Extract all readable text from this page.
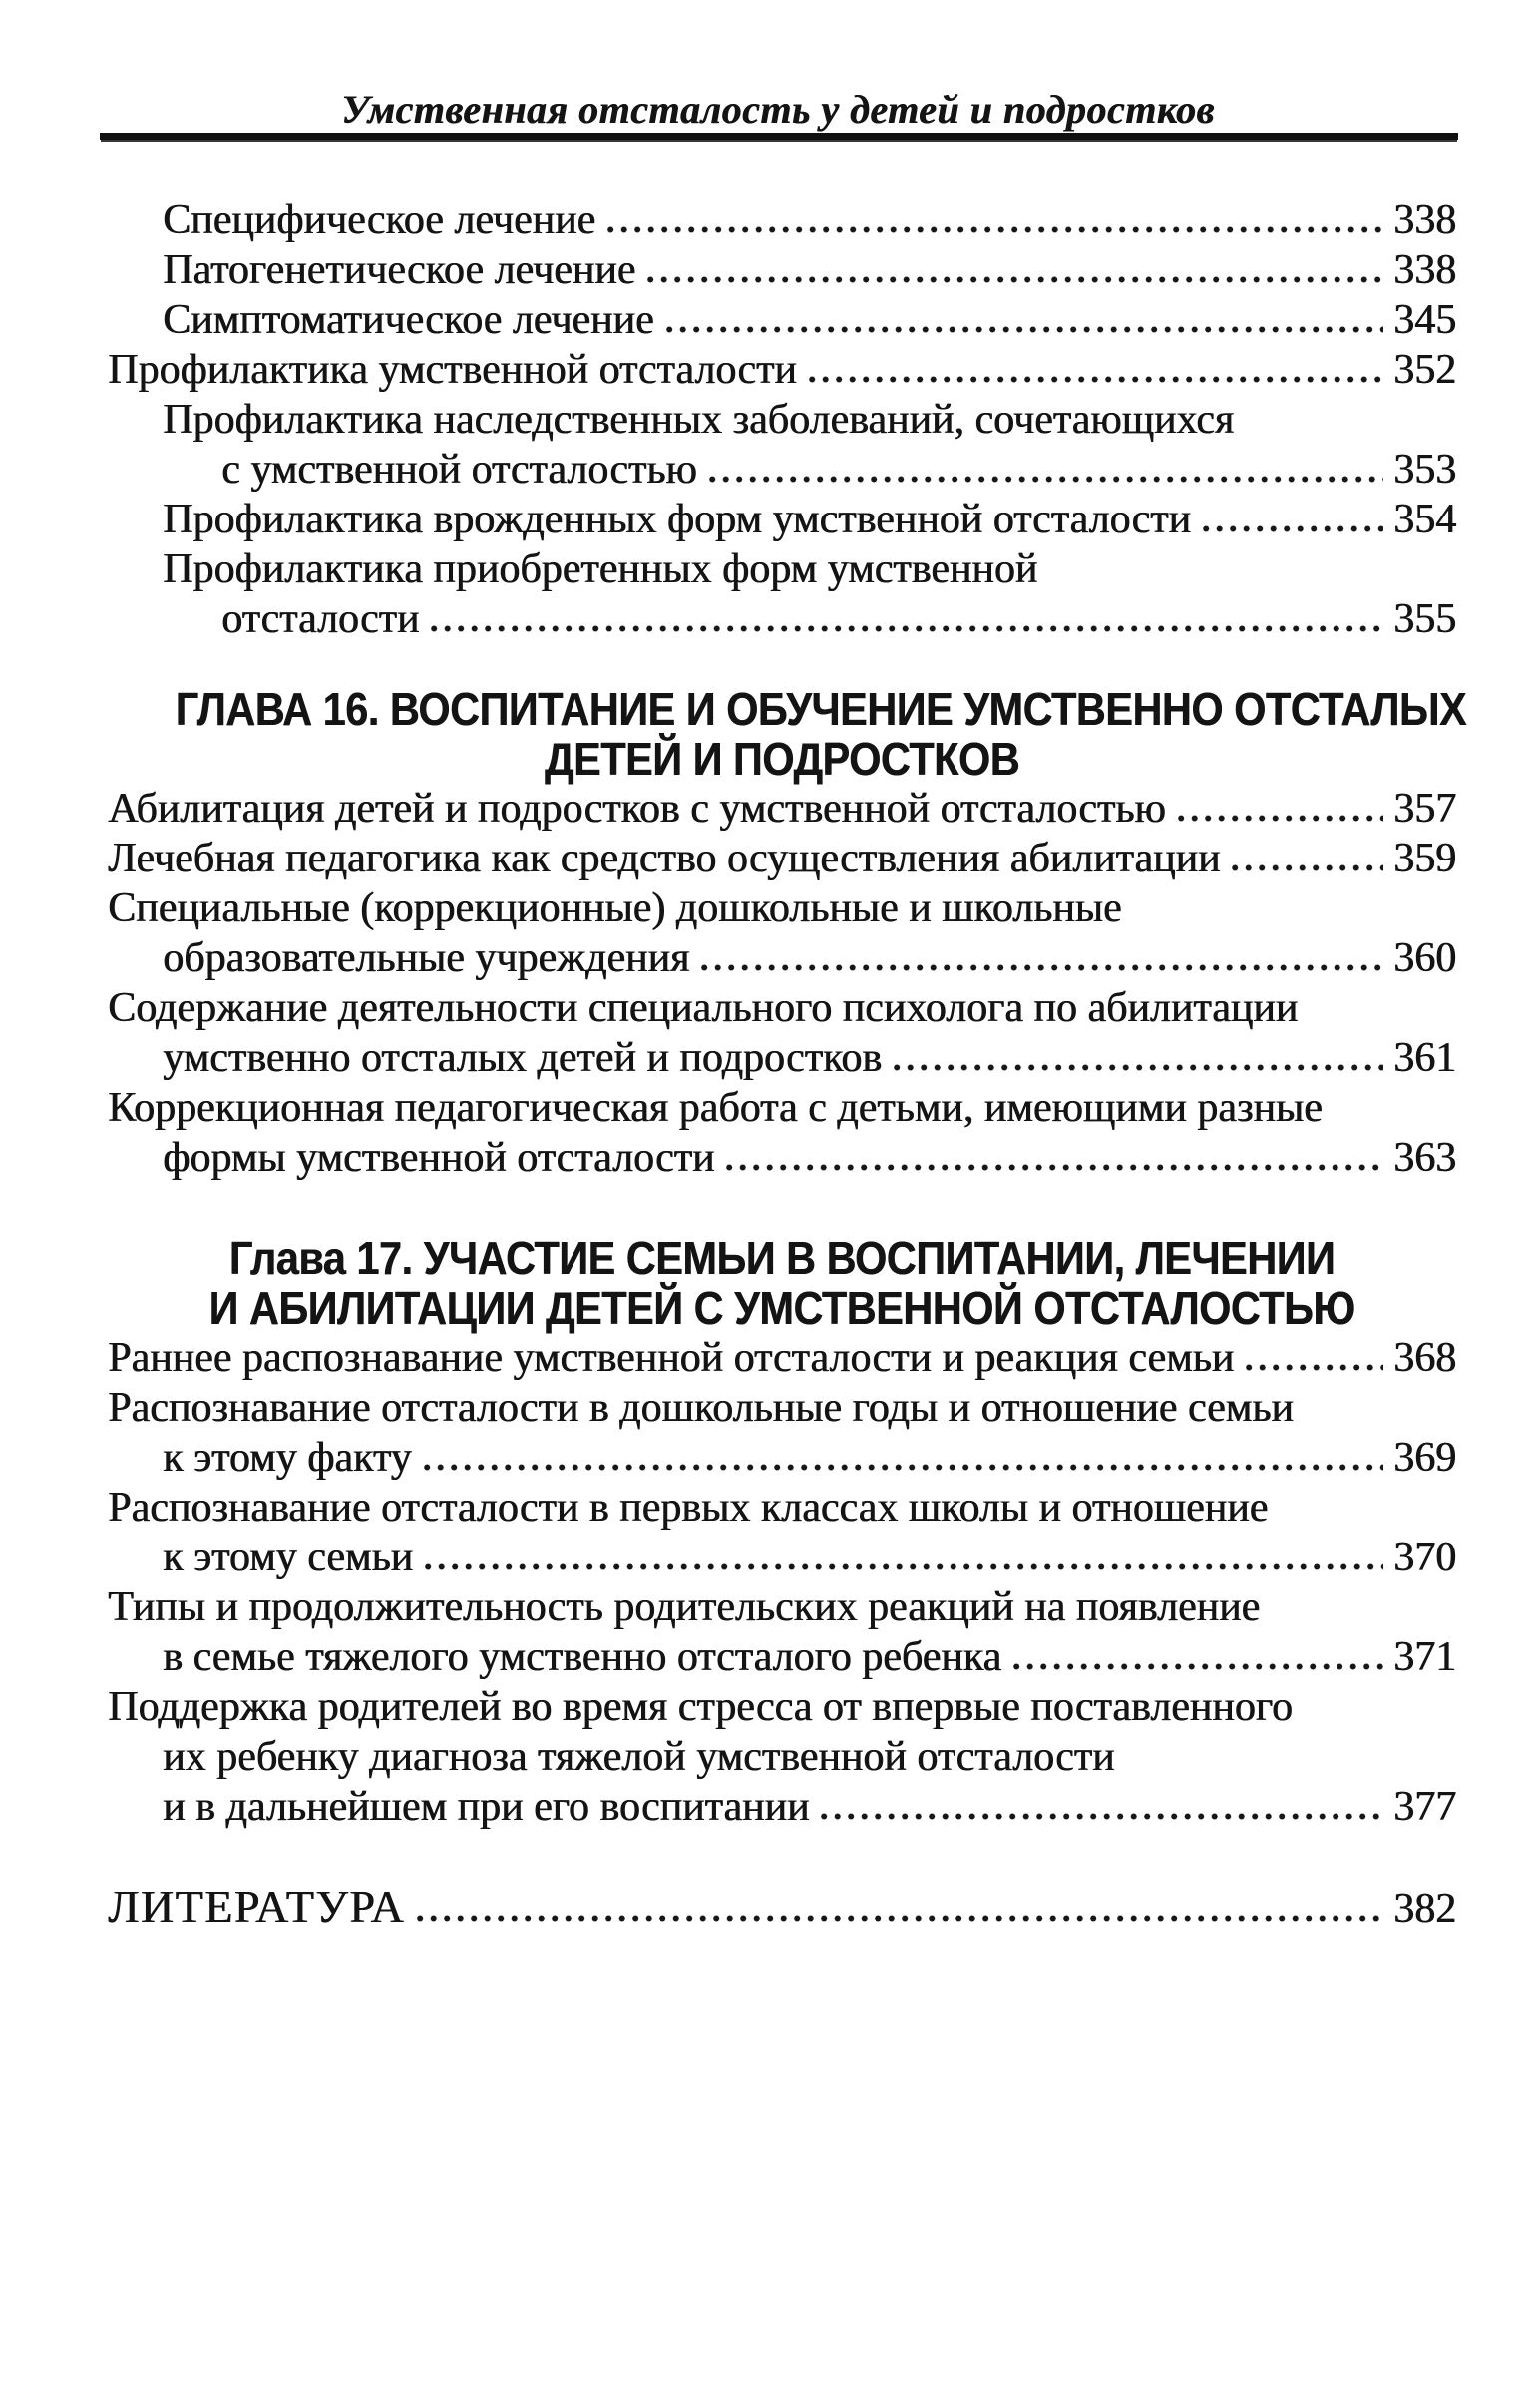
Умственная отсталость у детей и подростков
Специфическое лечение	338
Патогенетическое лечение	338
Симптоматическое лечение	345
Профилактика умственной отсталости	352
Профилактика наследственных заболеваний, сочетающихся
с умственной отсталостью	353
Профилактика врожденных форм умственной отсталости	354
Профилактика приобретенных форм умственной
отсталости	355
ГЛАВА 16. ВОСПИТАНИЕ И ОБУЧЕНИЕ УМСТВЕННО ОТСТАЛЫХ
ДЕТЕЙ И ПОДРОСТКОВ
Абилитация детей и подростков с умственной отсталостью	357
Лечебная педагогика как средство осуществления абилитации	359
Специальные (коррекционные) дошкольные и школьные
образовательные учреждения	360
Содержание деятельности специального психолога по абилитации
умственно отсталых детей и подростков	361
Коррекционная педагогическая работа с детьми, имеющими разные
формы умственной отсталости	363
Глава 17. УЧАСТИЕ СЕМЬИ В ВОСПИТАНИИ, ЛЕЧЕНИИ
И АБИЛИТАЦИИ ДЕТЕЙ С УМСТВЕННОЙ ОТСТАЛОСТЬЮ
Раннее распознавание умственной отсталости и реакция семьи	368
Распознавание отсталости в дошкольные годы и отношение семьи
к этому факту	369
Распознавание отсталости в первых классах школы и отношение
к этому семьи	370
Типы и продолжительность родительских реакций на появление
в семье тяжелого умственно отсталого ребенка	371
Поддержка родителей во время стресса от впервые поставленного
их ребенку диагноза тяжелой умственной отсталости
и в дальнейшем при его воспитании	377
ЛИТЕРАТУРА	382
